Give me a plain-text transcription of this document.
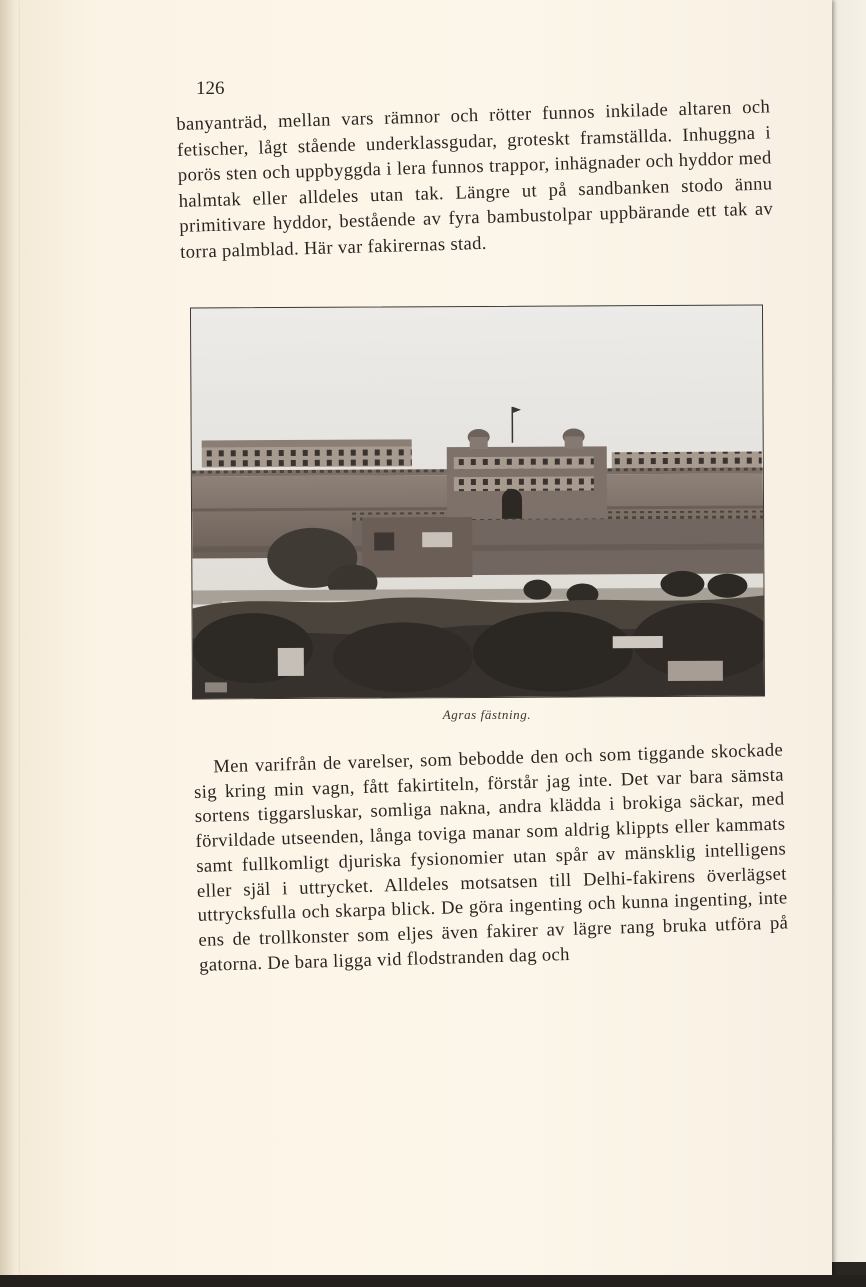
126

banyanträd, mellan vars rämnor och rötter funnos inkilade altaren och fetischer, lågt stående underklassgudar, groteskt framställda. Inhuggna i porös sten och uppbyggda i lera funnos trappor, inhägnader och hyddor med halmtak eller alldeles utan tak. Längre ut på sandbanken stodo ännu primitivare hyddor, bestående av fyra bambustolpar uppbärande ett tak av torra palmblad. Här var fakirernas stad.

Agras fästning.

Men varifrån de varelser, som bebodde den och som tiggande skockade sig kring min vagn, fått fakirtiteln, förstår jag inte. Det var bara sämsta sortens tiggarsluskar, somliga nakna, andra klädda i brokiga säckar, med förvildade utseenden, långa toviga manar som aldrig klippts eller kammats samt fullkomligt djuriska fysionomier utan spår av mänsklig intelligens eller själ i uttrycket. Alldeles motsatsen till Delhi-fakirens överlägset uttrycksfulla och skarpa blick. De göra ingenting och kunna ingenting, inte ens de trollkonster som eljes även fakirer av lägre rang bruka utföra på gatorna. De bara ligga vid flodstranden dag och
